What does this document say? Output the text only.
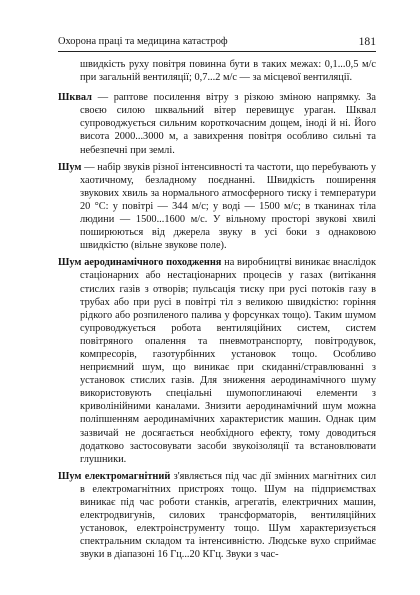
Охорона праці та медицина катастроф	181

швидкість руху повітря повинна бути в таких межах: 0,1...0,5 м/с при загальній вентиляції; 0,7...2 м/с — за місцевої вентиляції.

Шквал — раптове посилення вітру з різкою зміною напрямку. За своєю силою шквальний вітер перевищує ураган. Шквал супроводжується сильним короткочасним дощем, іноді й ні. Його висота 2000...3000 м, а завихрення повітря особливо сильні та небезпечні при землі.

Шум — набір звуків різної інтенсивності та частоти, що перебувають у хаотичному, безладному поєднанні. Швидкість поширення звукових хвиль за нормального атмосферного тиску і температури 20 °С: у повітрі — 344 м/с; у воді — 1500 м/с; в тканинах тіла людини — 1500...1600 м/с. У вільному просторі звукові хвилі поширюються від джерела звуку в усі боки з однаковою швидкістю (вільне звукове поле).

Шум аеродинамічного походження на виробництві виникає внаслідок стаціонарних або нестаціонарних процесів у газах (витікання стислих газів з отворів; пульсація тиску при русі потоків газу в трубах або при русі в повітрі тіл з великою швидкістю: горіння рідкого або розпиленого палива у форсунках тощо). Таким шумом супроводжується робота вентиляційних систем, систем повітряного опалення та пневмотранспорту, повітродувок, компресорів, газотурбінних установок тощо. Особливо неприємний шум, що виникає при скиданні/стравлюванні з установок стислих газів. Для зниження аеродинамічного шуму використовують спеціальні шумопоглинаючі елементи з криволінійними каналами. Знизити аеродинамічний шум можна поліпшенням аеродинамічних характеристик машин. Однак цим зазвичай не досягається необхідного ефекту, тому доводиться додатково застосовувати засоби звукоізоляції та встановлювати глушники.

Шум електромагнітний з'являється під час дії змінних магнітних сил в електромагнітних пристроях тощо. Шум на підприємствах виникає під час роботи станків, агрегатів, електричних машин, електродвигунів, силових трансформаторів, вентиляційних установок, електроінструменту тощо. Шум характеризується спектральним складом та інтенсивністю. Людське вухо сприймає звуки в діапазоні 16 Гц...20 КГц. Звуки з час-
